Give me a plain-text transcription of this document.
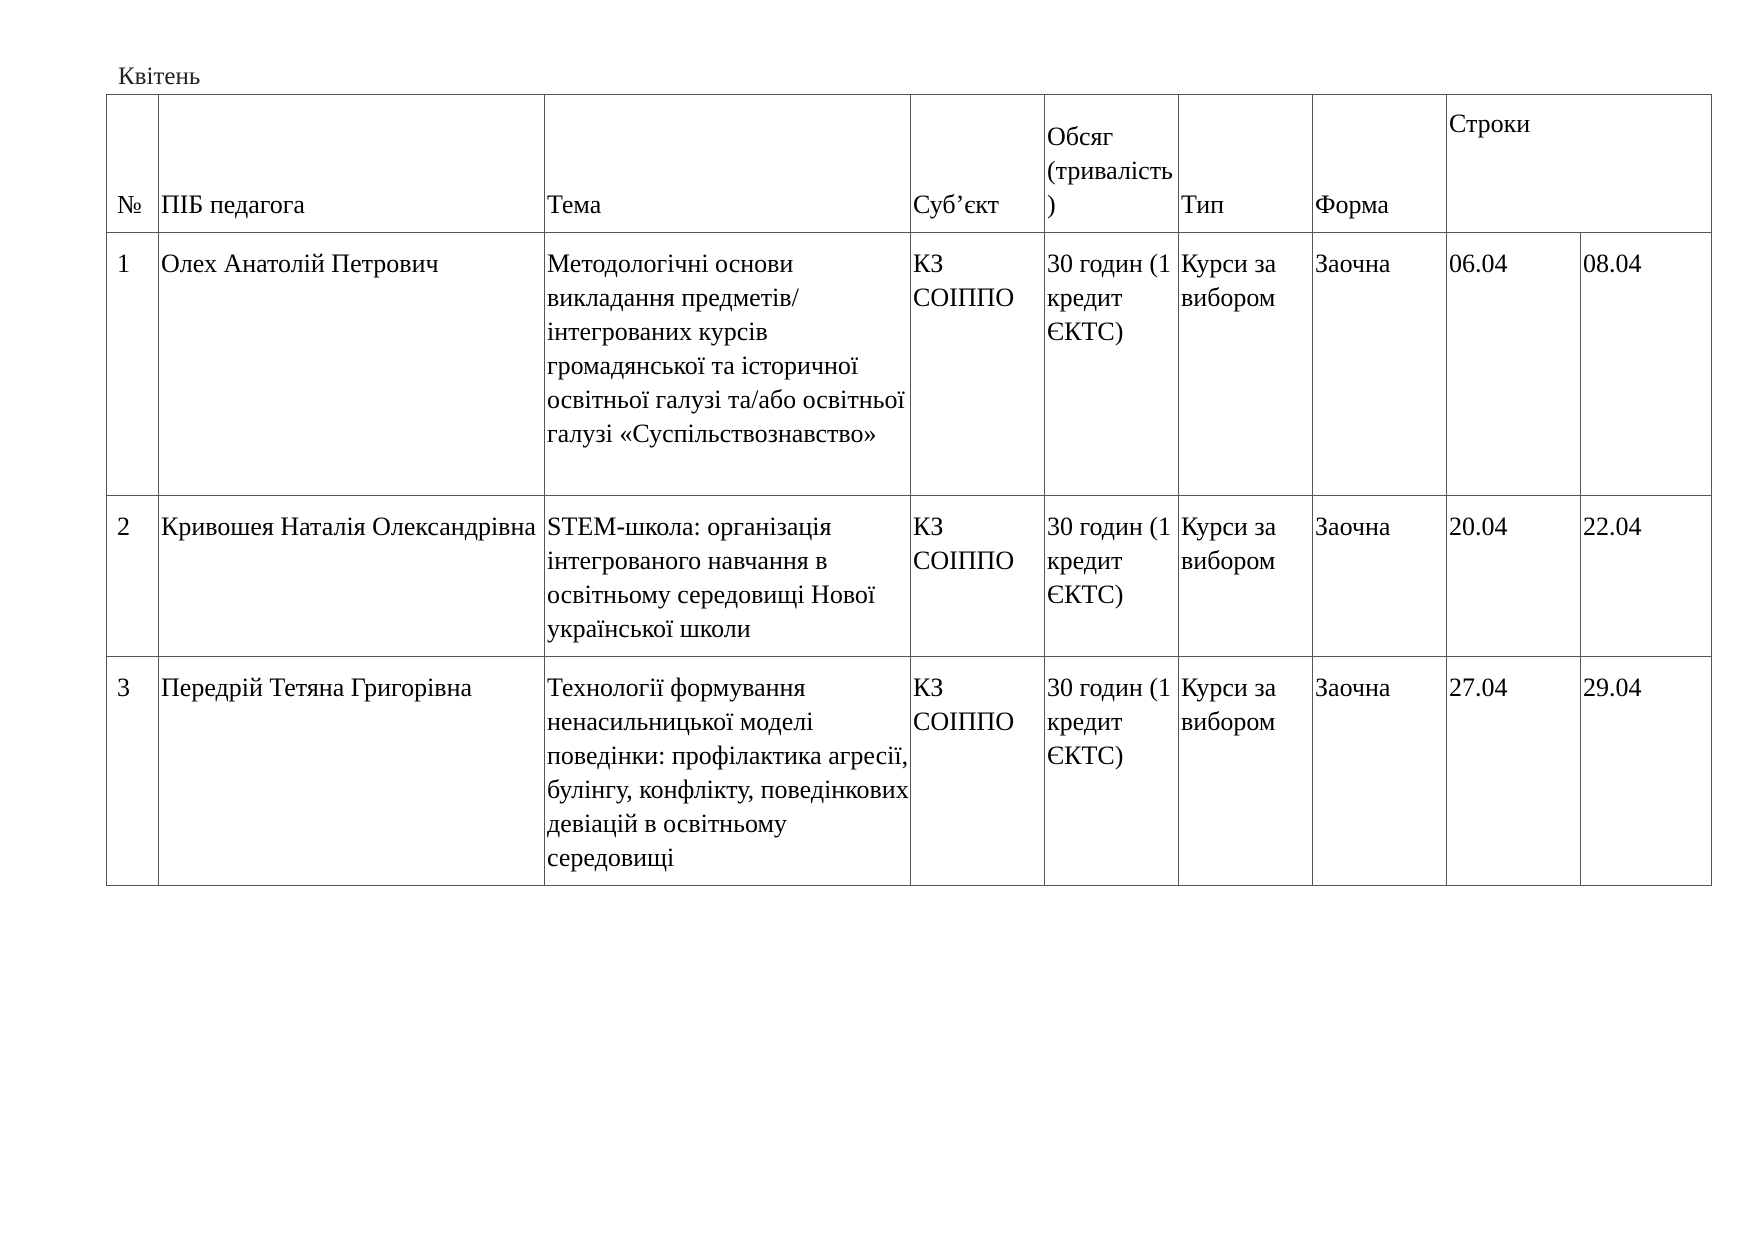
Квітень
№	ПІБ педагога	Тема	Суб’єкт	Обсяг (тривалість)	Тип	Форма	Строки	
1	Олех Анатолій Петрович	Методологічні основи викладання предметів/інтегрованих курсів громадянської та історичної освітньої галузі та/або освітньої галузі «Суспільствознавство»	КЗ СОІППО	30 годин (1 кредит ЄКТС)	Курси за вибором	Заочна	06.04	08.04
2	Кривошея Наталія Олександрівна	STEM-школа: організація інтегрованого навчання в освітньому середовищі Нової української школи	КЗ СОІППО	30 годин (1 кредит ЄКТС)	Курси за вибором	Заочна	20.04	22.04
3	Передрій Тетяна Григорівна	Технології формування ненасильницької моделі поведінки: профілактика агресії, булінгу, конфлікту, поведінкових девіацій в освітньому середовищі	КЗ СОІППО	30 годин (1 кредит ЄКТС)	Курси за вибором	Заочна	27.04	29.04
